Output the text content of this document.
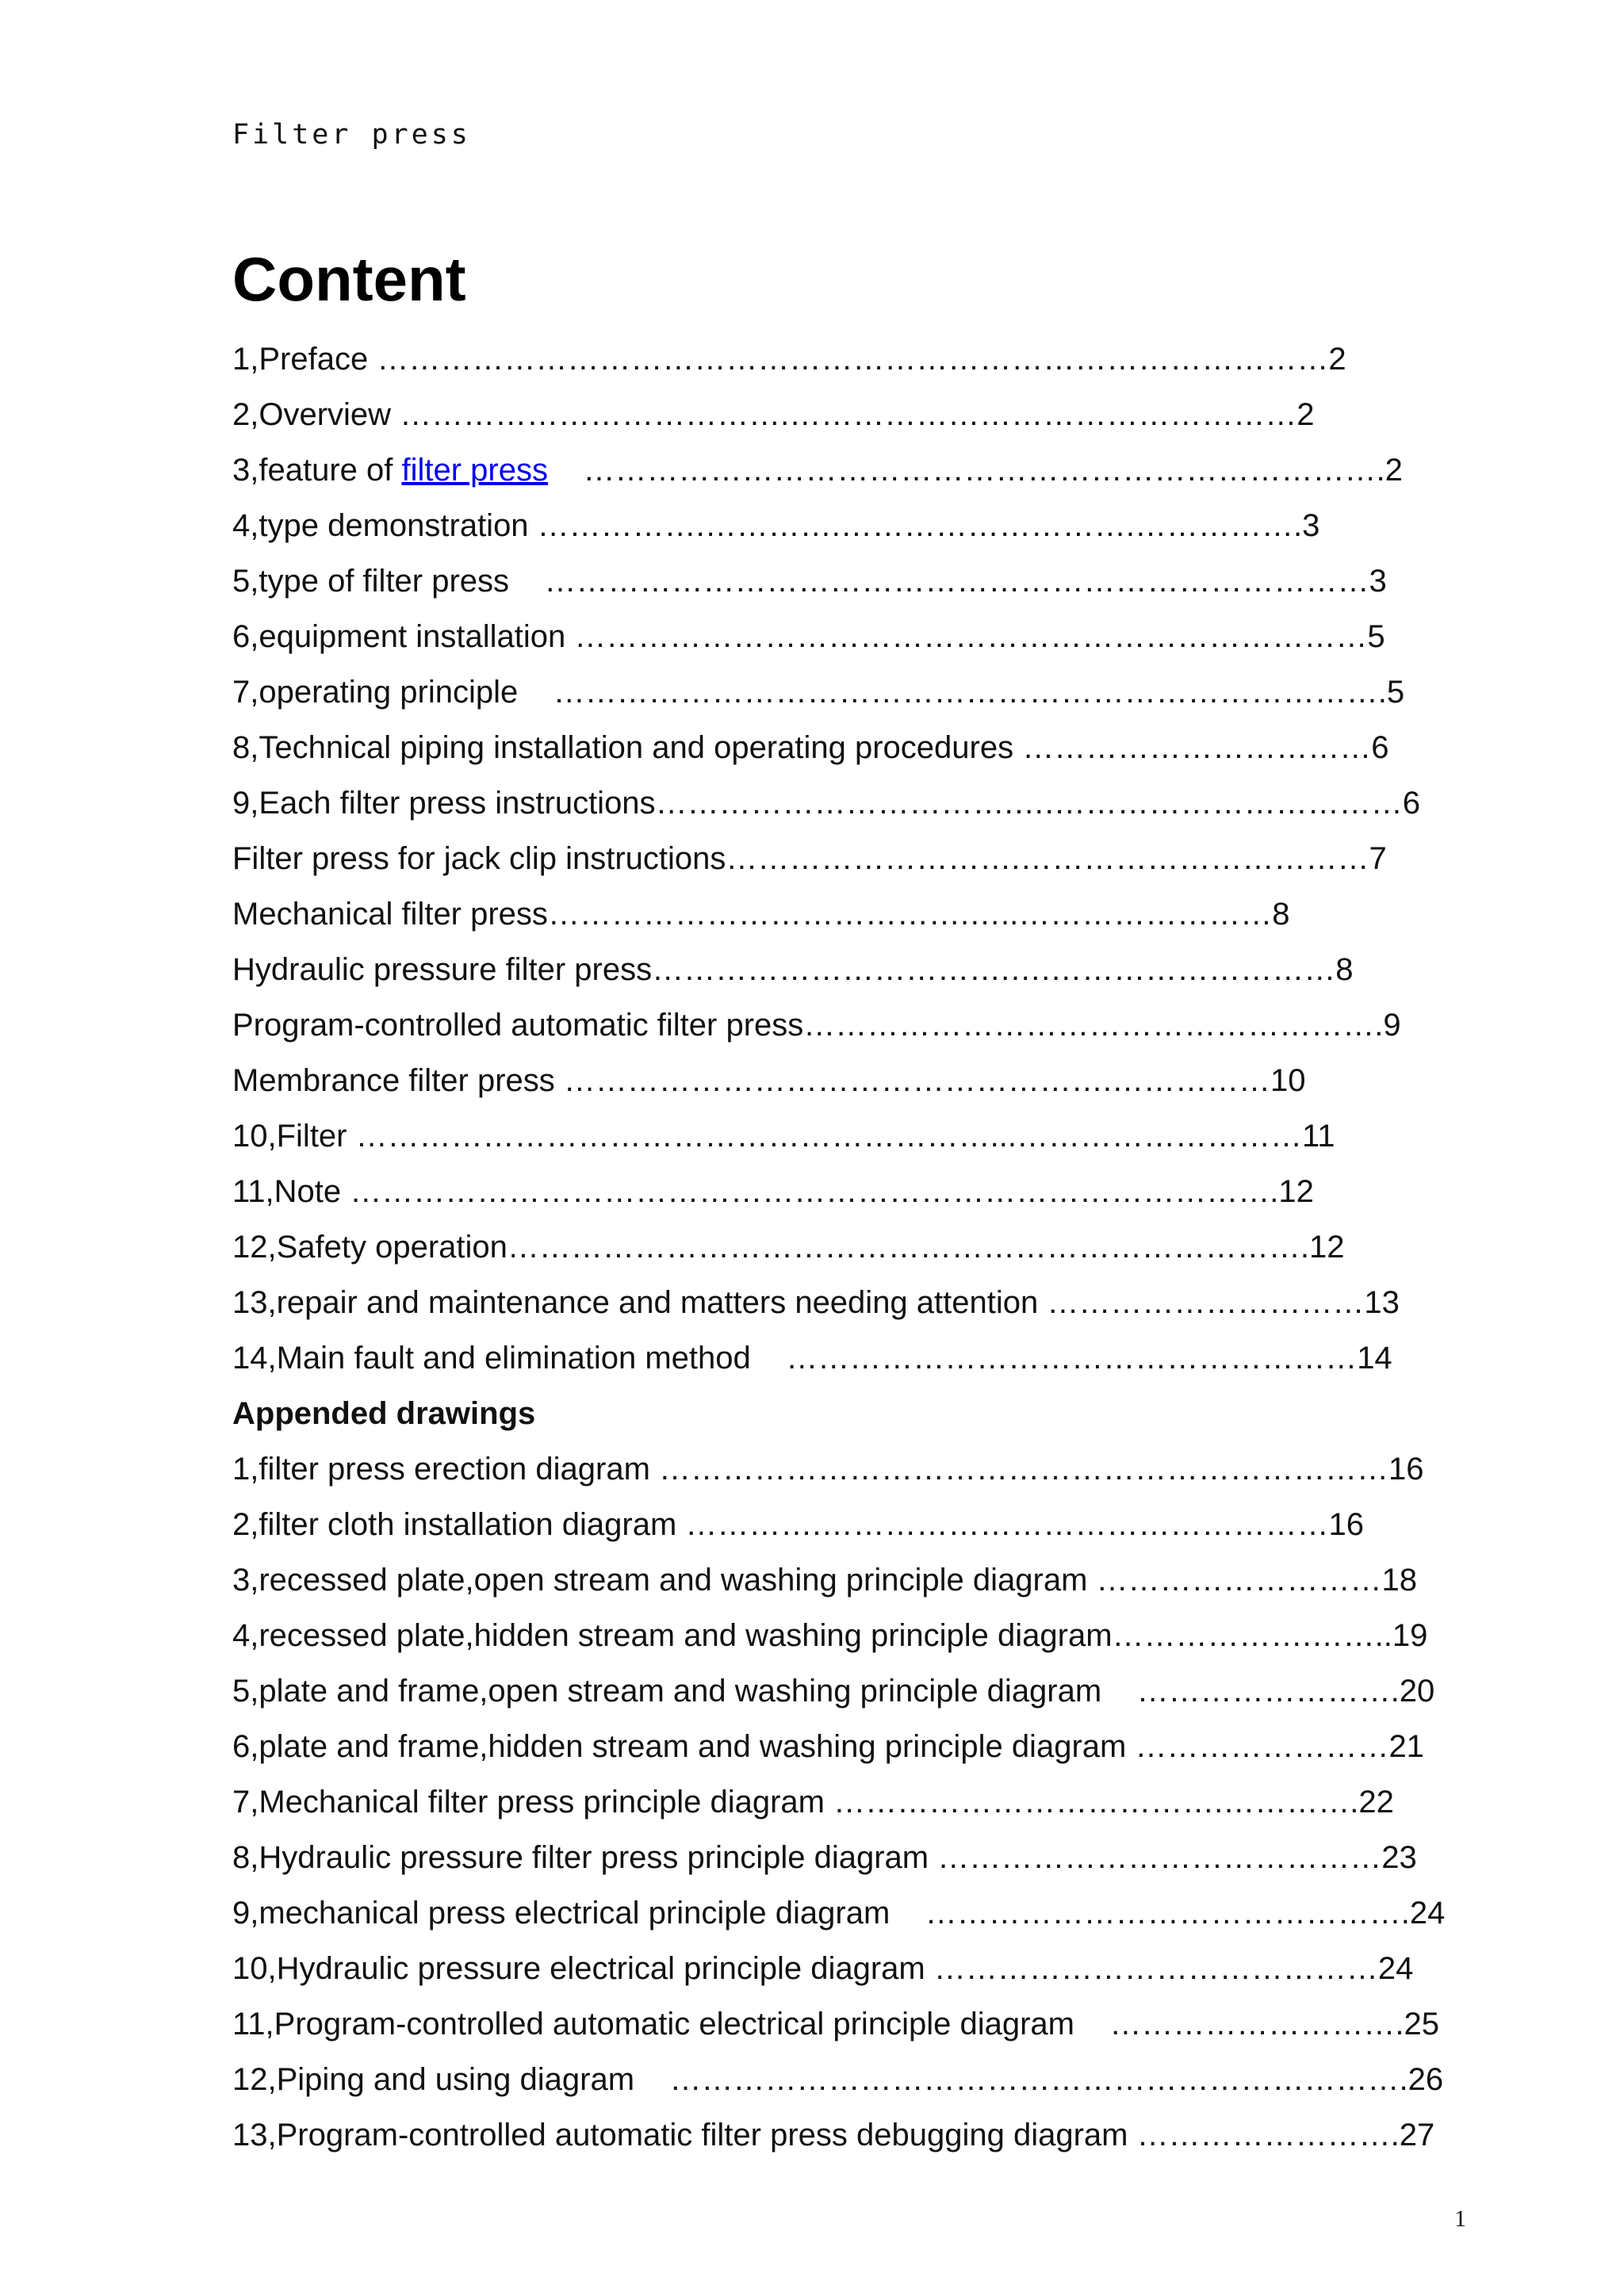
Filter press
Content
1,Preface ……………………………………………………………………………… 2
2,Overview ……………………………….………………………………………… 2
3,feature of filter press
…………………………………………………………………. 2
4,type demonstration …………….………….……………………….……………. 3
5,type of filter press
…………………………………………………………………… 3
6,equipment installation ………………………………………………………………… 5
7,operating principle
……………………………………………………………………. 5
8,Technical piping installation and operating procedures …………………………… 6
9,Each filter press instructions …………………………….….…………………………… 6
Filter press for jack clip instructions ……………………….…………………………… 7
Mechanical filter press ………………………………….…..…………………… 8
Hydraulic pressure filter press …………………………….….……………………… 8
Program-controlled automatic filter press ………………………………………………. 9
Membrance filter press …………………………………………….…………… 10
10,Filter ……………………………………………………...……………………… 11
11,Note ……………………………………………………………………………. 12
12,Safety operation …………………………………………………………………. 12
13,repair and maintenance and matters needing attention ………………………… 13
14,Main fault and elimination method
……………………………………………… 14
Appended drawings
1,filter press erection diagram …………………………………………………………… 16
2,filter cloth installation diagram ………….………………………………………… 16
3,recessed plate,open stream and washing principle diagram ……………………… 18
4,recessed plate,hidden stream and washing principle diagram ……………….…….. 19
5,plate and frame,open stream and washing principle diagram
……………………. 20
6,plate and frame,hidden stream and washing principle diagram …………………… 21
7,Mechanical filter press principle diagram ……………………………….…………. 22
8,Hydraulic pressure filter press principle diagram …………………………………… 23
9,mechanical press electrical principle diagram
………………………………………. 24
10,Hydraulic pressure electrical principle diagram …………………………………… 24
11,Program-controlled automatic electrical principle diagram
………………………. 25
12,Piping and using diagram
……………………………………………………………. 26
13,Program-controlled automatic filter press debugging diagram ……………………. 27
1
